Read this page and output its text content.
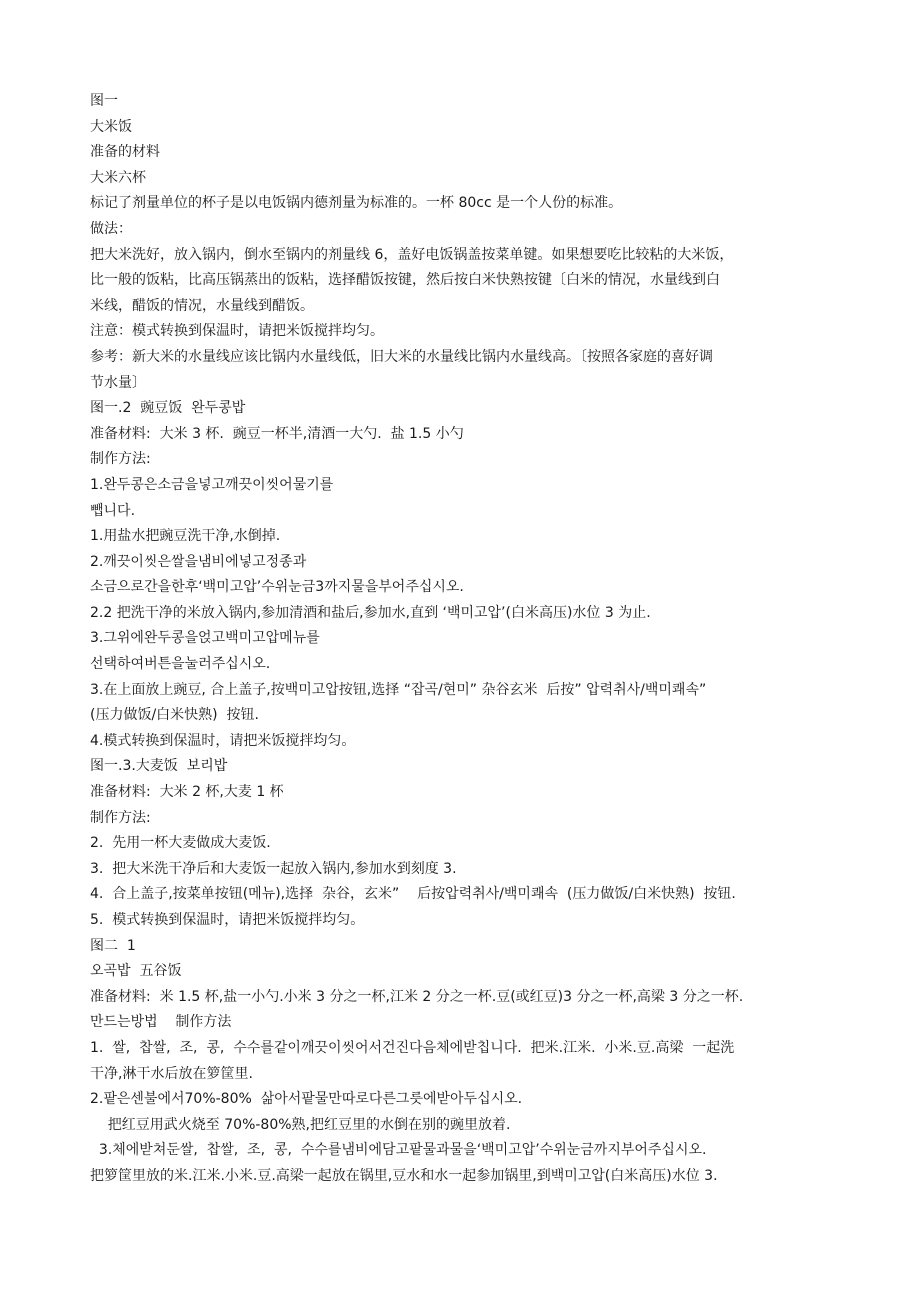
图一
大米饭
准备的材料
大米六杯
标记了剂量单位的杯子是以电饭锅内德剂量为标准的。一杯 80cc 是一个人份的标准。
做法：
把大米洗好，放入锅内，倒水至锅内的剂量线 6，盖好电饭锅盖按菜单键。如果想要吃比较粘的大米饭，
比一般的饭粘，比高压锅蒸出的饭粘，选择醋饭按键，然后按白米快熟按键〔白米的情况，水量线到白
米线，醋饭的情况，水量线到醋饭。
注意：模式转换到保温时，请把米饭搅拌均匀。
参考：新大米的水量线应该比锅内水量线低，旧大米的水量线比锅内水量线高。〔按照各家庭的喜好调
节水量〕
图一.2  豌豆饭  완두콩밥
准备材料:  大米 3 杯.  豌豆一杯半,清酒一大勺.  盐 1.5 小勺
制作方法:
1.완두콩은소금을넣고깨끗이씻어물기를
뺍니다.
1.用盐水把豌豆洗干净,水倒掉.
2.깨끗이씻은쌀을냄비에넣고정종과
소금으로간을한후‘백미고압’수위눈금3까지물을부어주십시오.
2.2 把洗干净的米放入锅内,参加清酒和盐后,参加水,直到 ‘백미고압’(白米高压)水位 3 为止.
3.그위에완두콩을얹고백미고압메뉴를
선택하여버튼을눌러주십시오.
3.在上面放上豌豆, 合上盖子,按백미고압按钮,选择 “잡곡/현미” 杂谷玄米  后按” 압력취사/백미쾌속”
(压力做饭/白米快熟)  按钮.
4.模式转换到保温时，请把米饭搅拌均匀。
图一.3.大麦饭  보리밥
准备材料:  大米 2 杯,大麦 1 杯
制作方法:
2.  先用一杯大麦做成大麦饭.
3.  把大米洗干净后和大麦饭一起放入锅内,参加水到刻度 3.
4.  合上盖子,按菜单按钮(메뉴),选择  杂谷，玄米”    后按압력취사/백미쾌속  (压力做饭/白米快熟)  按钮.
5.  模式转换到保温时，请把米饭搅拌均匀。
图二  1
오곡밥  五谷饭
准备材料:  米 1.5 杯,盐一小勺.小米 3 分之一杯,江米 2 分之一杯.豆(或红豆)3 分之一杯,高梁 3 分之一杯.
만드는방법    制作方法
1.  쌀,  찹쌀,  조,  콩,  수수를같이깨끗이씻어서건진다음체에받칩니다.  把米.江米.  小米.豆.高梁  一起洗
干净,淋干水后放在箩筐里.
2.팥은센불에서70%-80%  삶아서팥물만따로다른그릇에받아두십시오.
把红豆用武火烧至 70%-80%熟,把红豆里的水倒在别的豌里放着.
3.체에받쳐둔쌀,  찹쌀,  조,  콩,  수수를냄비에담고팥물과물을‘백미고압’수위눈금까지부어주십시오.
把箩筐里放的米.江米.小米.豆.高梁一起放在锅里,豆水和水一起参加锅里,到백미고압(白米高压)水位 3.
